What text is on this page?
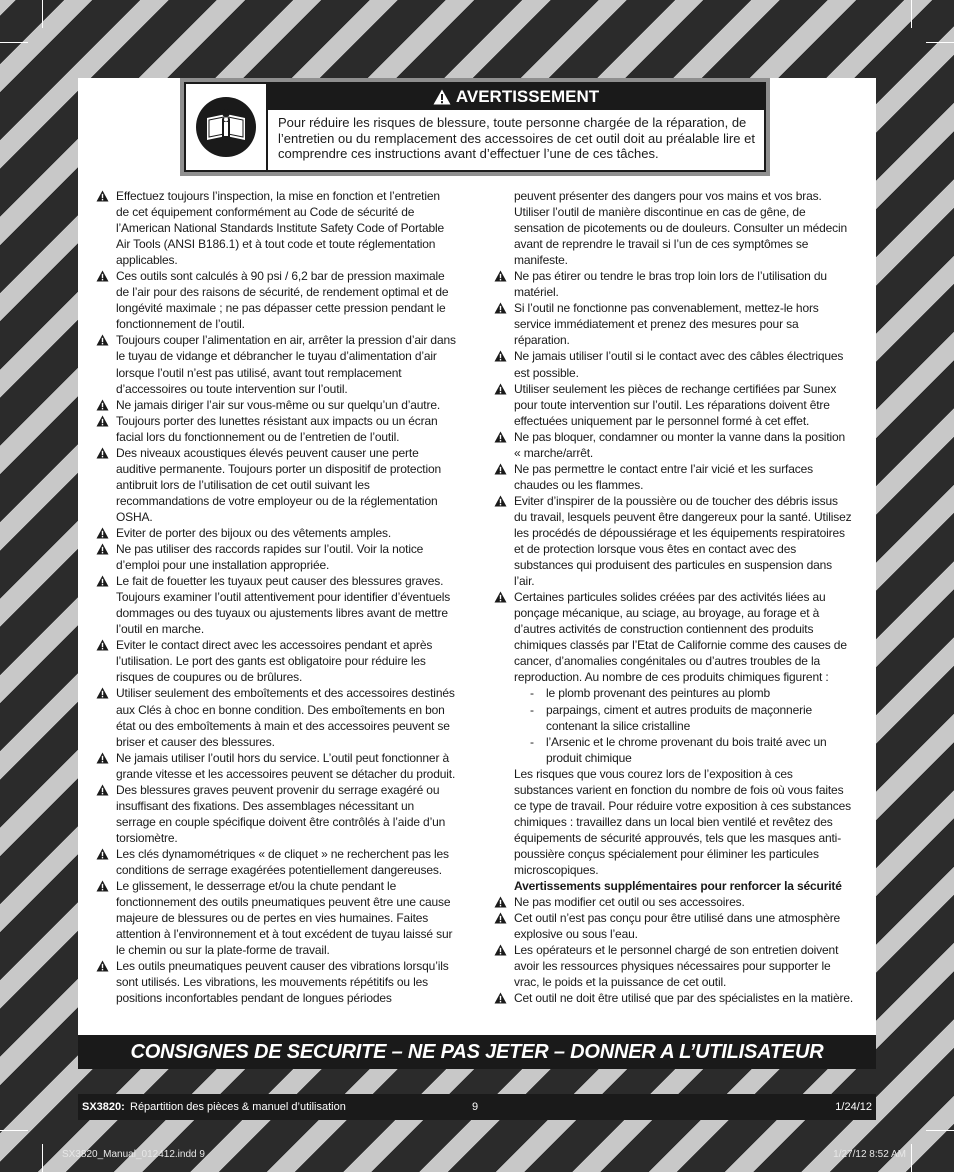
AVERTISSEMENT
Pour réduire les risques de blessure, toute personne chargée de la réparation, de l’entretien ou du remplacement des accessoires de cet outil doit au préalable lire et comprendre ces instructions avant d’effectuer l’une de ces tâches.
Effectuez toujours l’inspection, la mise en fonction et l’entretien de cet équipement conformément au Code de sécurité de l’American National Standards Institute Safety Code of Portable Air Tools (ANSI B186.1) et à tout code et toute réglementation applicables.
Ces outils sont calculés à 90 psi / 6,2 bar de pression maximale de l’air pour des raisons de sécurité, de rendement optimal et de longévité maximale ; ne pas dépasser cette pression pendant le fonctionnement de l’outil.
Toujours couper l’alimentation en air, arrêter la pression d’air dans le tuyau de vidange et débrancher le tuyau d’alimentation d’air lorsque l’outil n’est pas utilisé, avant tout remplacement d’accessoires ou toute intervention sur l’outil.
Ne jamais diriger l’air sur vous-même ou sur quelqu’un d’autre.
Toujours porter des lunettes résistant aux impacts ou un écran facial lors du fonctionnement ou de l’entretien de l’outil.
Des niveaux acoustiques élevés peuvent causer une perte auditive permanente. Toujours porter un dispositif de protection antibruit lors de l’utilisation de cet outil suivant les recommandations de votre employeur ou de la réglementation OSHA.
Eviter de porter des bijoux ou des vêtements amples.
Ne pas utiliser des raccords rapides sur l’outil. Voir la notice d’emploi pour une installation appropriée.
Le fait de fouetter les tuyaux peut causer des blessures graves. Toujours examiner l’outil attentivement pour identifier d’éventuels dommages ou des tuyaux ou ajustements libres avant de mettre l’outil en marche.
Eviter le contact direct avec les accessoires pendant et après l’utilisation. Le port des gants est obligatoire pour réduire les risques de coupures ou de brûlures.
Utiliser seulement des emboîtements et des accessoires destinés aux Clés à choc en bonne condition. Des emboîtements en bon état ou des emboîtements à main et des accessoires peuvent se briser et causer des blessures.
Ne jamais utiliser l’outil hors du service. L’outil peut fonctionner à grande vitesse et les accessoires peuvent se détacher du produit.
Des blessures graves peuvent provenir du serrage exagéré ou insuffisant des fixations. Des assemblages nécessitant un serrage en couple spécifique doivent être contrôlés à l’aide d’un torsiomètre.
Les clés dynamométriques « de cliquet » ne recherchent pas les conditions de serrage exagérées potentiellement dangereuses.
Le glissement, le desserrage et/ou la chute pendant le fonctionnement des outils pneumatiques peuvent être une cause majeure de blessures ou de pertes en vies humaines. Faites attention à l’environnement et à tout excédent de tuyau laissé sur le chemin ou sur la plate-forme de travail.
Les outils pneumatiques peuvent causer des vibrations lorsqu’ils sont utilisés. Les vibrations, les mouvements répétitifs ou les positions inconfortables pendant de longues périodes
peuvent présenter des dangers pour vos mains et vos bras. Utiliser l’outil de manière discontinue en cas de gêne, de sensation de picotements ou de douleurs. Consulter un médecin avant de reprendre le travail si l’un de ces symptômes se manifeste.
Ne pas étirer ou tendre le bras trop loin lors de l’utilisation du matériel.
Si l’outil ne fonctionne pas convenablement, mettez-le hors service immédiatement et prenez des mesures pour sa réparation.
Ne jamais utiliser l’outil si le contact avec des câbles électriques est possible.
Utiliser seulement les pièces de rechange certifiées par Sunex pour toute intervention sur l’outil. Les réparations doivent être effectuées uniquement par le personnel formé à cet effet.
Ne pas bloquer, condamner ou monter la vanne dans la position « marche/arrêt.
Ne pas permettre le contact entre l’air vicié et les surfaces chaudes ou les flammes.
Eviter d’inspirer de la poussière ou de toucher des débris issus du travail, lesquels peuvent être dangereux pour la santé. Utilisez les procédés de dépoussiérage et les équipements respiratoires et de protection lorsque vous êtes en contact avec des substances qui produisent des particules en suspension dans l’air.
Certaines particules solides créées par des activités liées au ponçage mécanique, au sciage, au broyage, au forage et à d’autres activités de construction contiennent des produits chimiques classés par l’Etat de Californie comme des causes de cancer, d’anomalies congénitales ou d’autres troubles de la reproduction. Au nombre de ces produits chimiques figurent :
- le plomb provenant des peintures au plomb
- parpaings, ciment et autres produits de maçonnerie contenant la silice cristalline
- l’Arsenic et le chrome provenant du bois traité avec un produit chimique
Les risques que vous courez lors de l’exposition à ces substances varient en fonction du nombre de fois où vous faites ce type de travail. Pour réduire votre exposition à ces substances chimiques : travaillez dans un local bien ventilé et revêtez des équipements de sécurité approuvés, tels que les masques anti-poussière conçus spécialement pour éliminer les particules microscopiques.
Avertissements supplémentaires pour renforcer la sécurité
Ne pas modifier cet outil ou ses accessoires.
Cet outil n’est pas conçu pour être utilisé dans une atmosphère explosive ou sous l’eau.
Les opérateurs et le personnel chargé de son entretien doivent avoir les ressources physiques nécessaires pour supporter le vrac, le poids et la puissance de cet outil.
Cet outil ne doit être utilisé que par des spécialistes en la matière.
CONSIGNES DE SECURITE – NE PAS JETER – DONNER A L’UTILISATEUR
SX3820: Répartition des pièces & manuel d’utilisation	9	1/24/12
SX3820_Manual_012412.indd 9	1/27/12 8:52 AM
